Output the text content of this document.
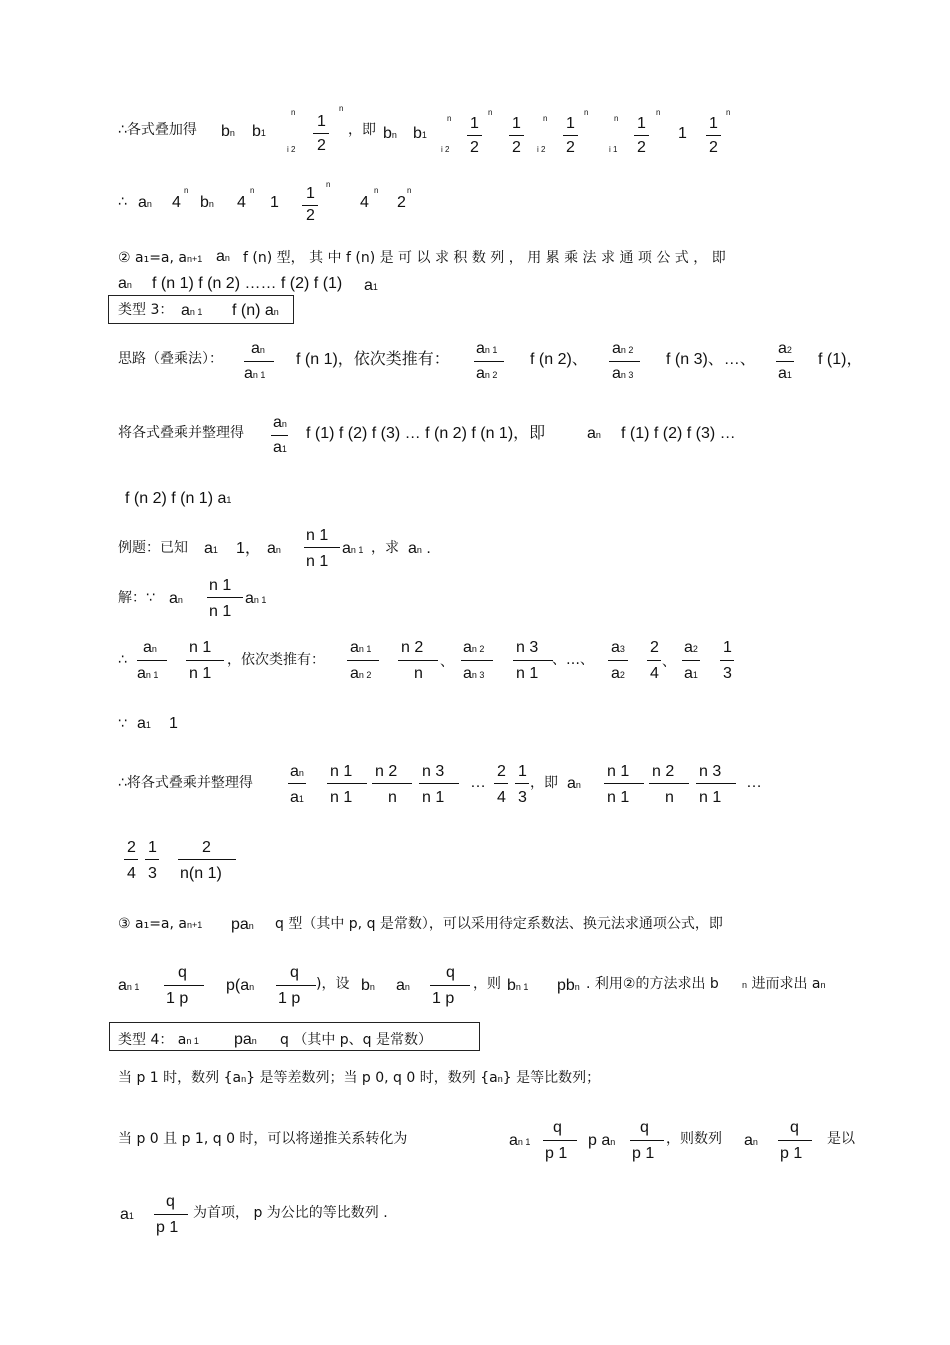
∴各式叠加得 bn b1
n
i 2
1
2
n
，即 bn b1
n
i 2
1
2
n
1
2
n
i 2
1
2
n
n
i 1
1
2
n
1
1
2
n
∴ an 4
n
bn 4
n
1
1
2
n
4
n
2
n
② a₁=a, an+1 an f (n) 型， 其 中 f (n) 是 可 以 求 积 数 列 ， 用 累 乘 法 求 通 项 公 式 ， 即
an f (n 1) f (n 2) …… f (2) f (1) a1
类型 3： an 1 f (n) an
思路（叠乘法）：
an
an 1
f (n 1)，依次类推有：
an 1
an 2
f (n 2)、
an 2
an 3
f (n 3)、…、
a2
a1
f (1)，
将各式叠乘并整理得
an
a1
f (1) f (2) f (3) … f (n 2) f (n 1)，即	an f (1) f (2) f (3) …
f (n 2) f (n 1) a1
例题：已知 a1 1， an
n 1
n 1
an 1 ，求 an .
解：∵ an
n 1
n 1
an 1
∴
an
an 1
n 1
n 1
，依次类推有：
an 1
an 2
n 2
n
、
an 2
an 3
n 3
n 1
、…、
a3
a2
2
4
、
a2
a1
1
3
∵ a1 1
∴将各式叠乘并整理得
an
a1
n 1
n 1
n 2
n
n 3
n 1
…
2
4
1
3
，即 an
n 1
n 1
n 2
n
n 3
n 1
…
2
4
1
3
2
n(n 1)
③ a₁=a, an+1 pan q 型（其中 p, q 是常数），可以采用待定系数法、换元法求通项公式，即
an 1
q
1 p
p(an
q
1 p
)，设 bn an
q
1 p
，则 bn 1 pbn . 利用②的方法求出 b	n 进而求出 an
类型 4： an 1 pan q （其中 p、q 是常数）
当 p 1 时，数列 {an} 是等差数列；当 p 0, q 0 时，数列 {an} 是等比数列；
当 p 0 且 p 1, q 0 时，可以将递推关系转化为	an 1
q
p 1
p an
q
p 1
，则数列 an
q
p 1
是以
a1
q
p 1
为首项， p 为公比的等比数列 .
